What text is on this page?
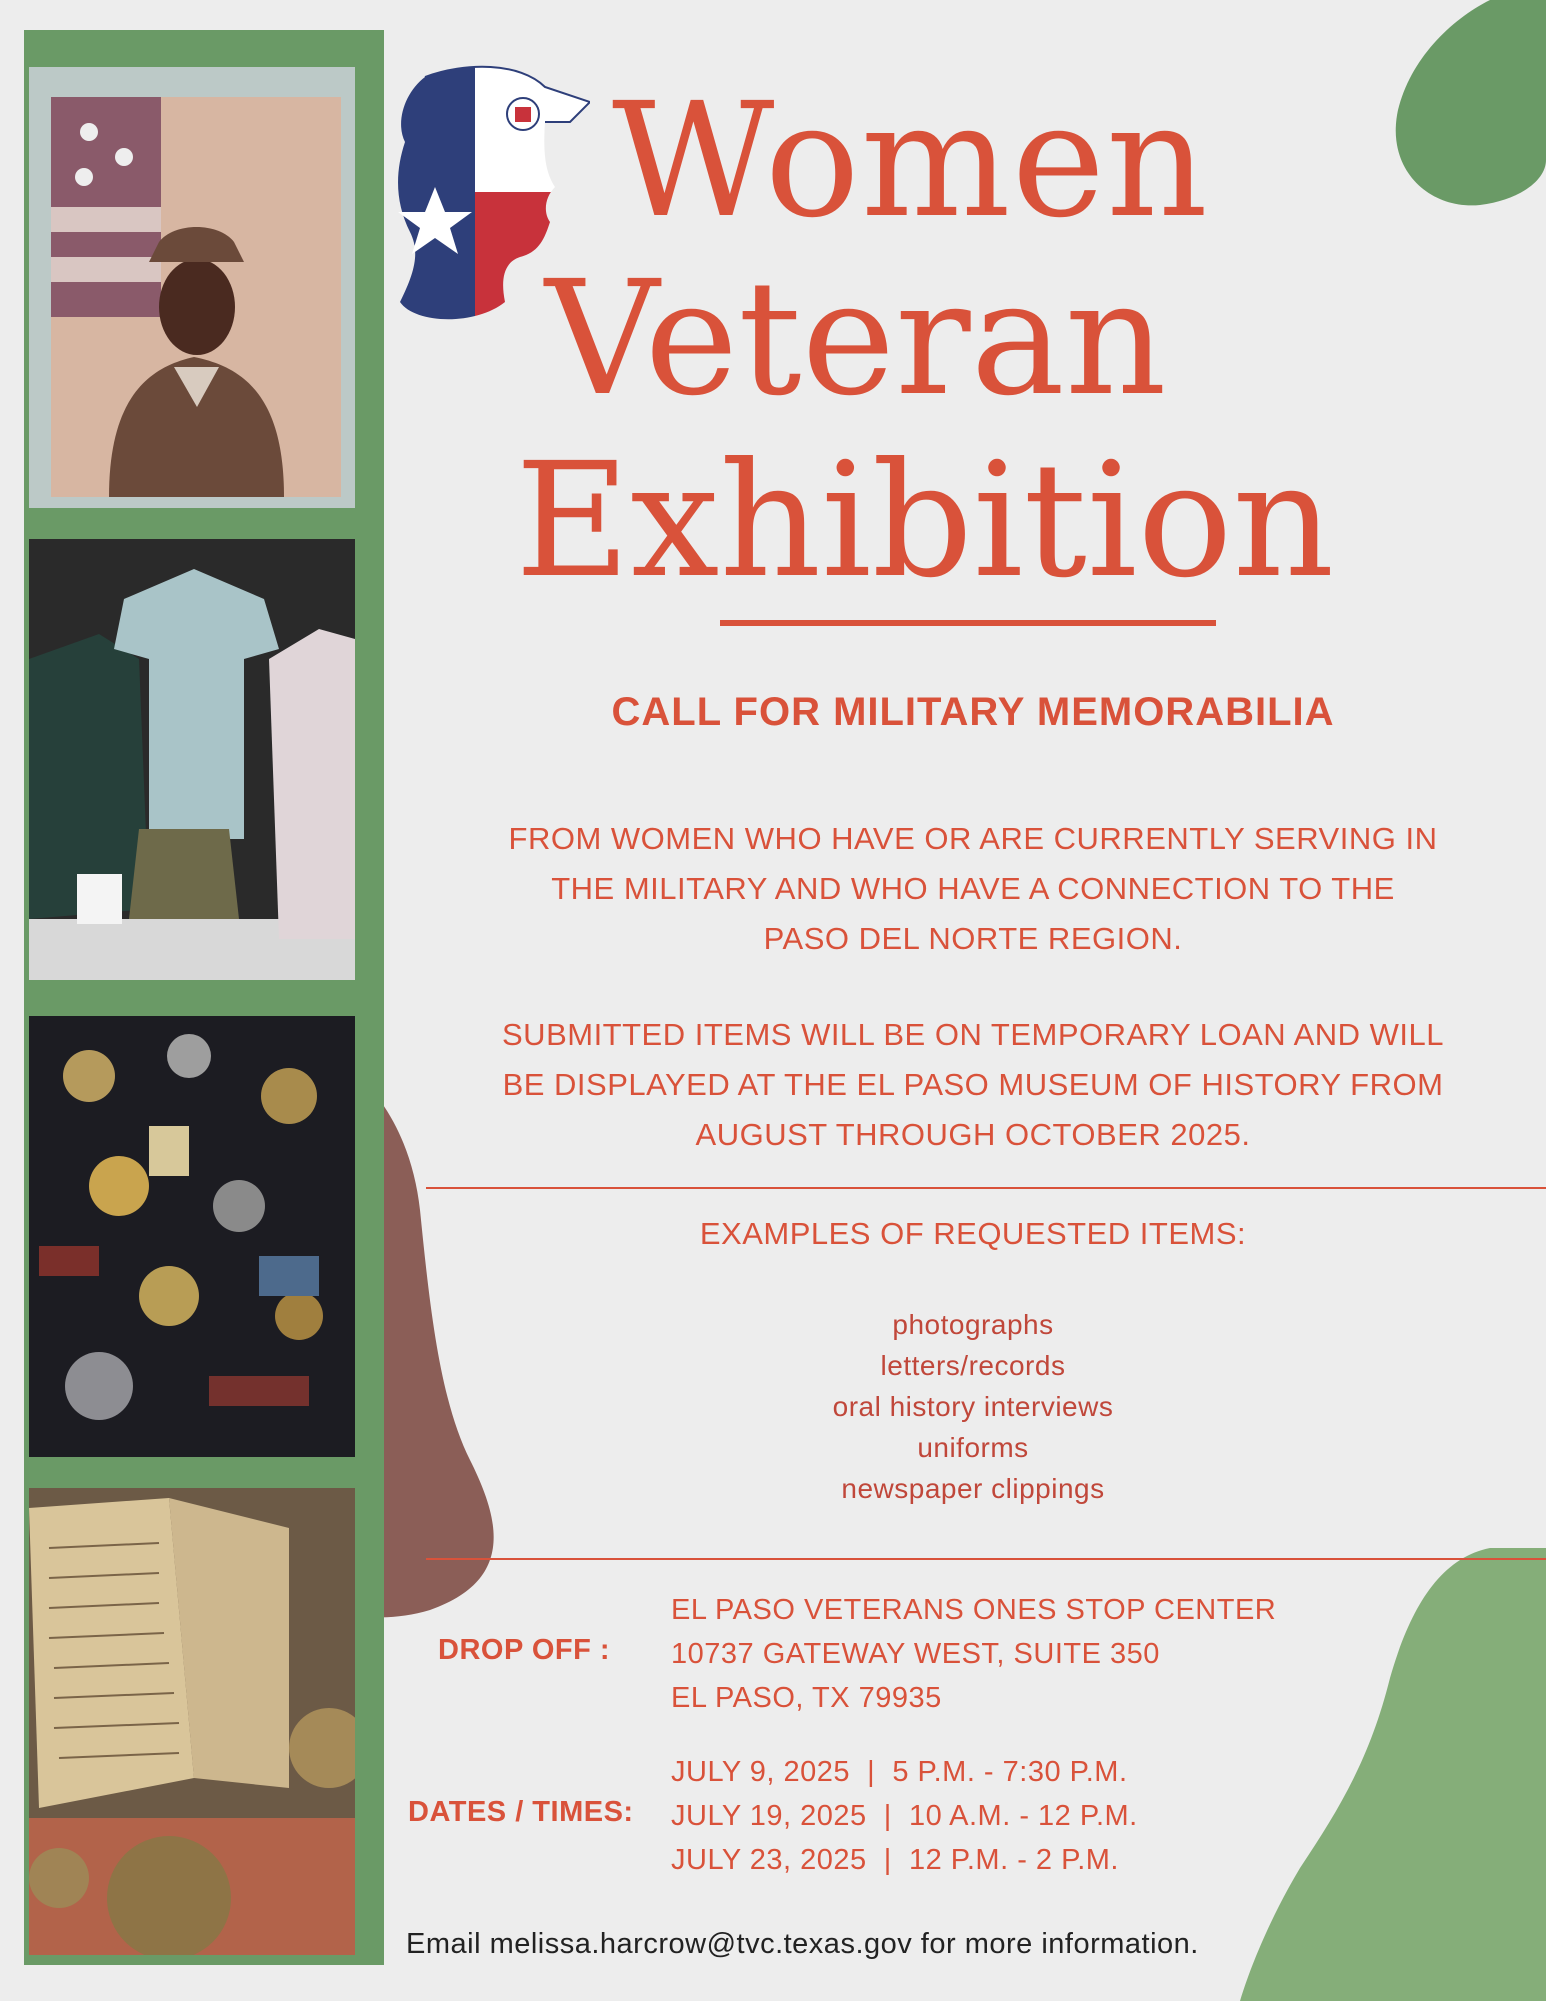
Women
Veteran
Exhibition
CALL FOR MILITARY MEMORABILIA

FROM WOMEN WHO HAVE OR ARE CURRENTLY SERVING IN

THE MILITARY AND WHO HAVE A CONNECTION TO THE

PASO DEL NORTE REGION.

SUBMITTED ITEMS WILL BE ON TEMPORARY LOAN AND WILL

BE DISPLAYED AT THE EL PASO MUSEUM OF HISTORY FROM

AUGUST THROUGH OCTOBER 2025.

EXAMPLES OF REQUESTED ITEMS:
photographs
letters/records
oral history interviews
uniforms
newspaper clippings
DROP OFF :

EL PASO VETERANS ONES STOP CENTER

10737 GATEWAY WEST, SUITE 350

EL PASO, TX 79935

DATES / TIMES:

JULY 9, 2025  |  5 P.M. - 7:30 P.M.

JULY 19, 2025  |  10 A.M. - 12 P.M.

JULY 23, 2025  |  12 P.M. - 2 P.M.

Email melissa.harcrow@tvc.texas.gov for more information.
